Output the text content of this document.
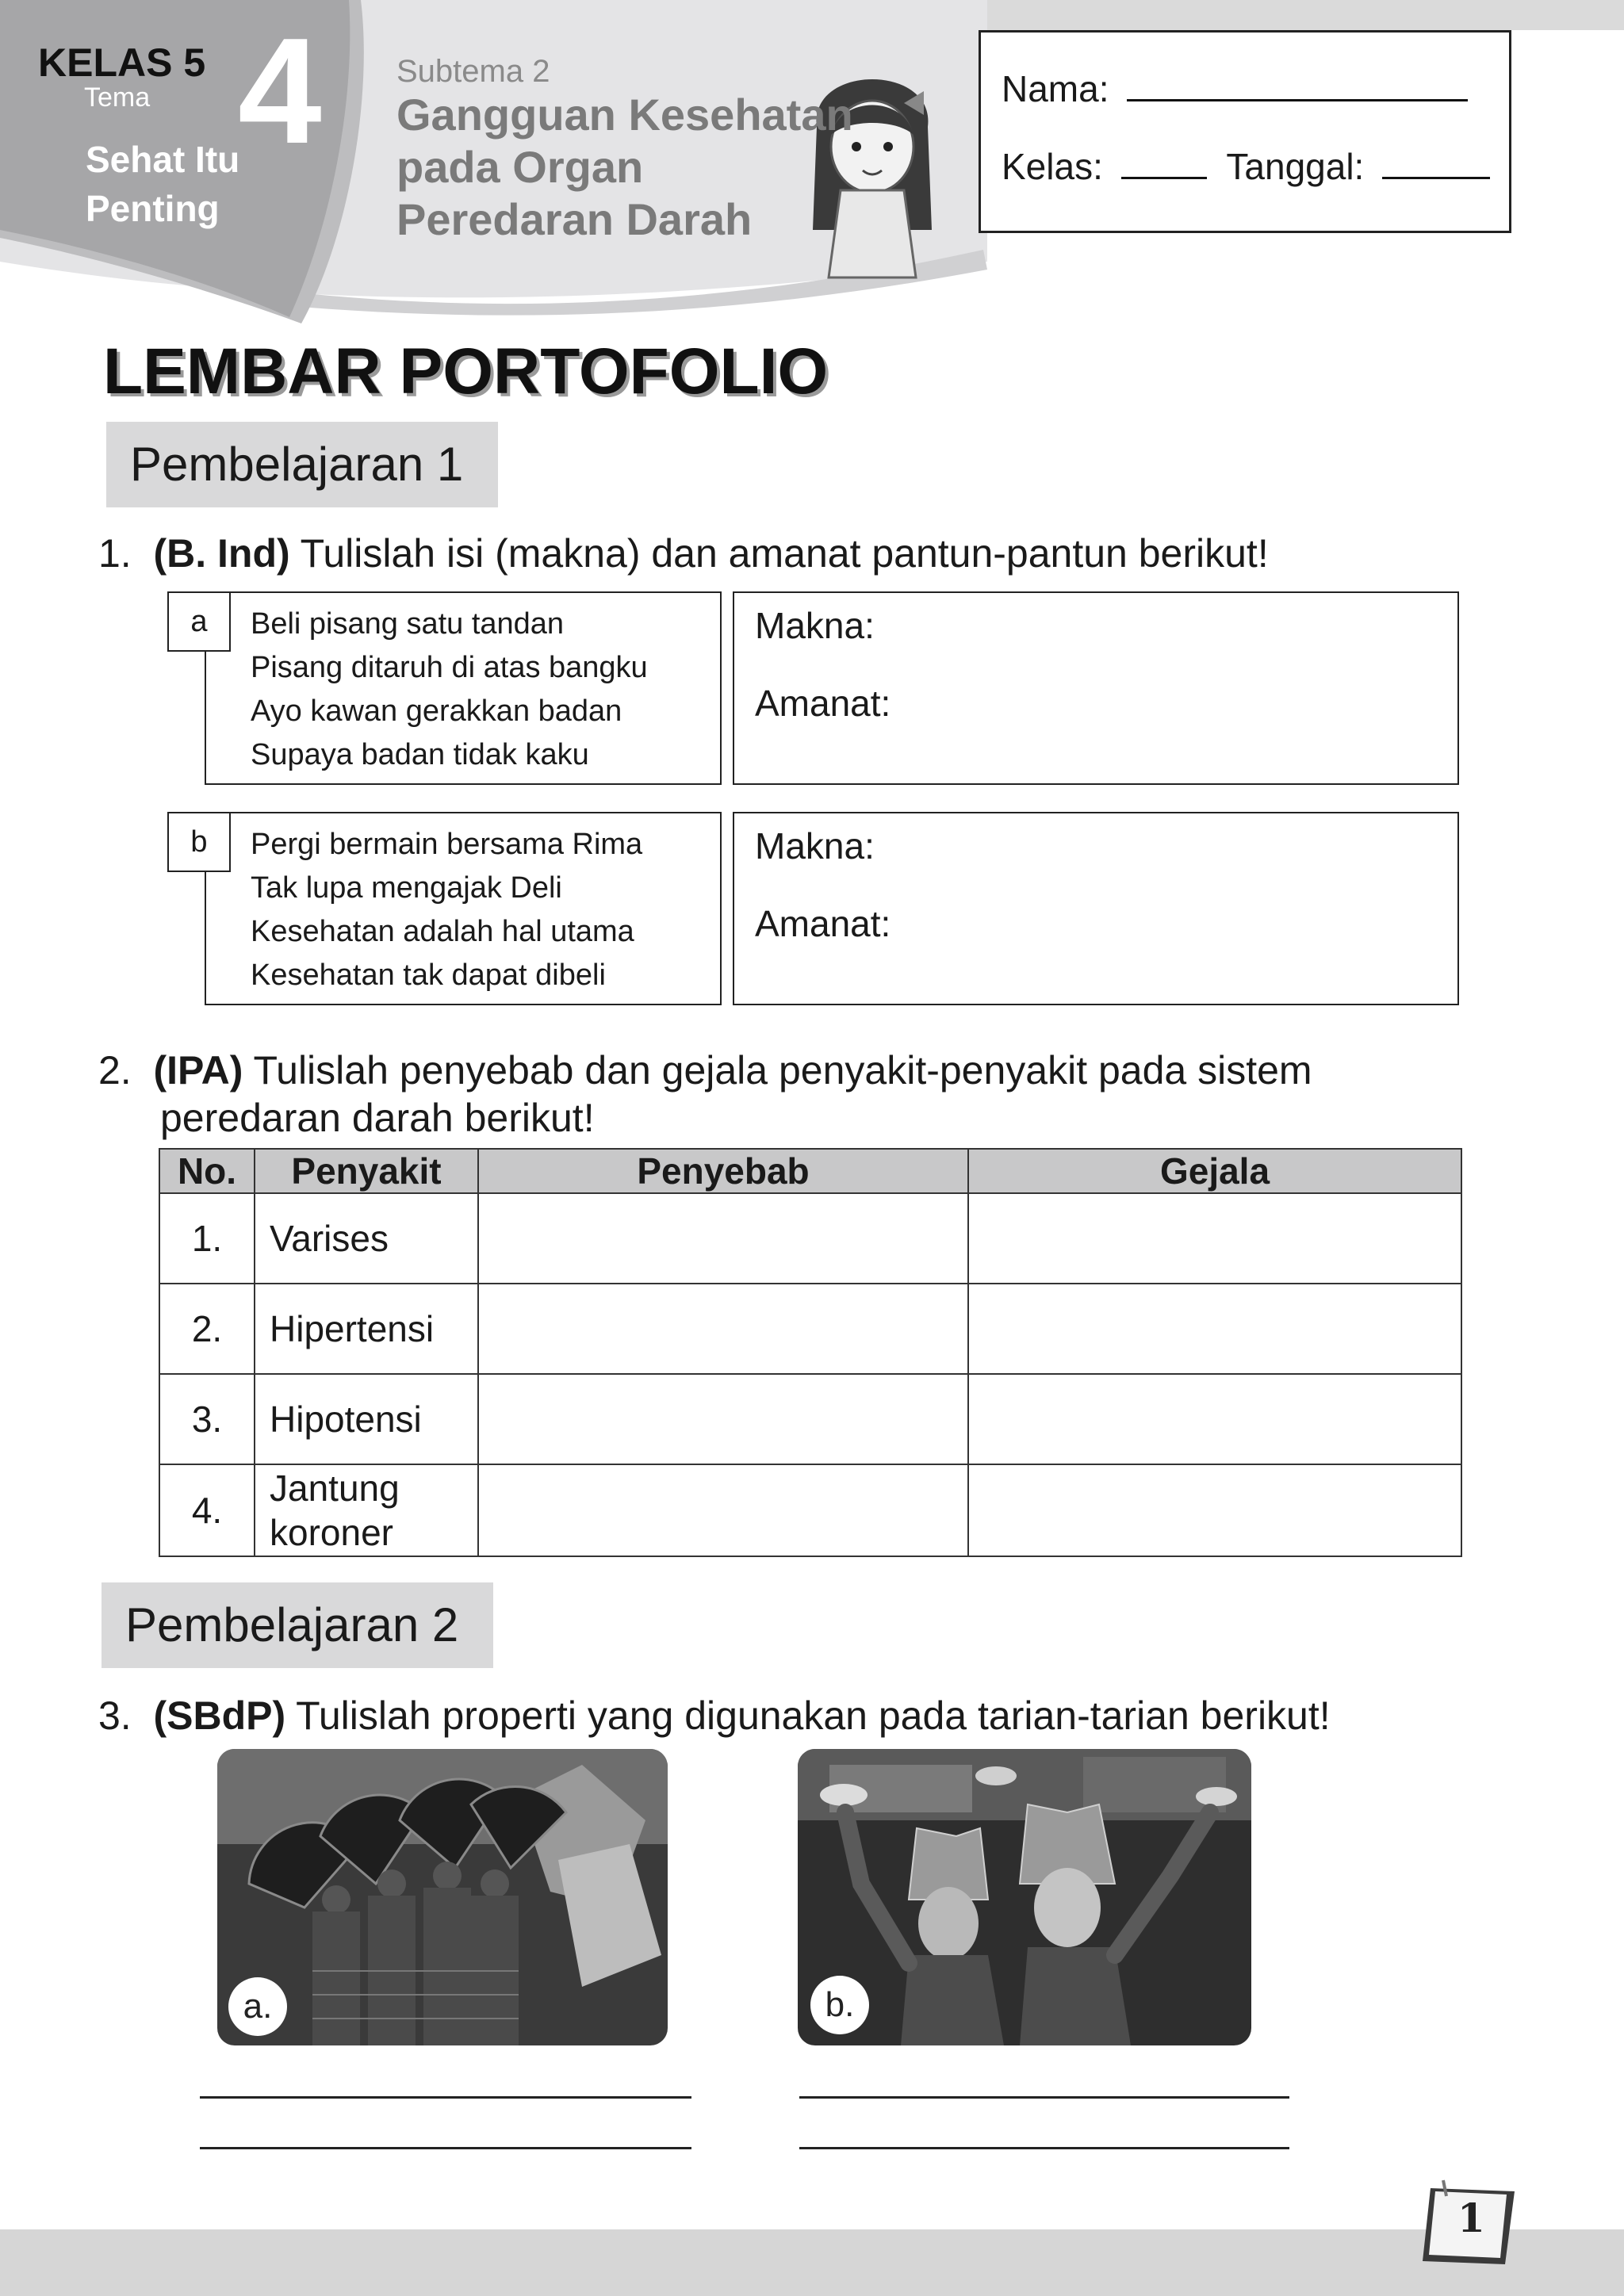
KELAS 5
Tema 4
Sehat Itu
Penting
Subtema 2
Gangguan Kesehatan
pada Organ
Peredaran Darah
Nama:
Kelas:	Tanggal:
LEMBAR PORTOFOLIO
Pembelajaran 1
1. (B. Ind) Tulislah isi (makna) dan amanat pantun-pantun berikut!
Beli pisang satu tandan
Pisang ditaruh di atas bangku
Ayo kawan gerakkan badan
Supaya badan tidak kaku
a	Makna:
Amanat:
Pergi bermain bersama Rima
Tak lupa mengajak Deli
Kesehatan adalah hal utama
Kesehatan tak dapat dibeli
b	Makna:
Amanat:
2. (IPA) Tulislah penyebab dan gejala penyakit-penyakit pada sistem
peredaran darah berikut!
No.	Penyakit	Penyebab	Gejala
1.	Varises		
2.	Hipertensi		
3.	Hipotensi		
4.	Jantung koroner		

Pembelajaran 2
3. (SBdP) Tulislah properti yang digunakan pada tarian-tarian berikut!
a.	b.
1
